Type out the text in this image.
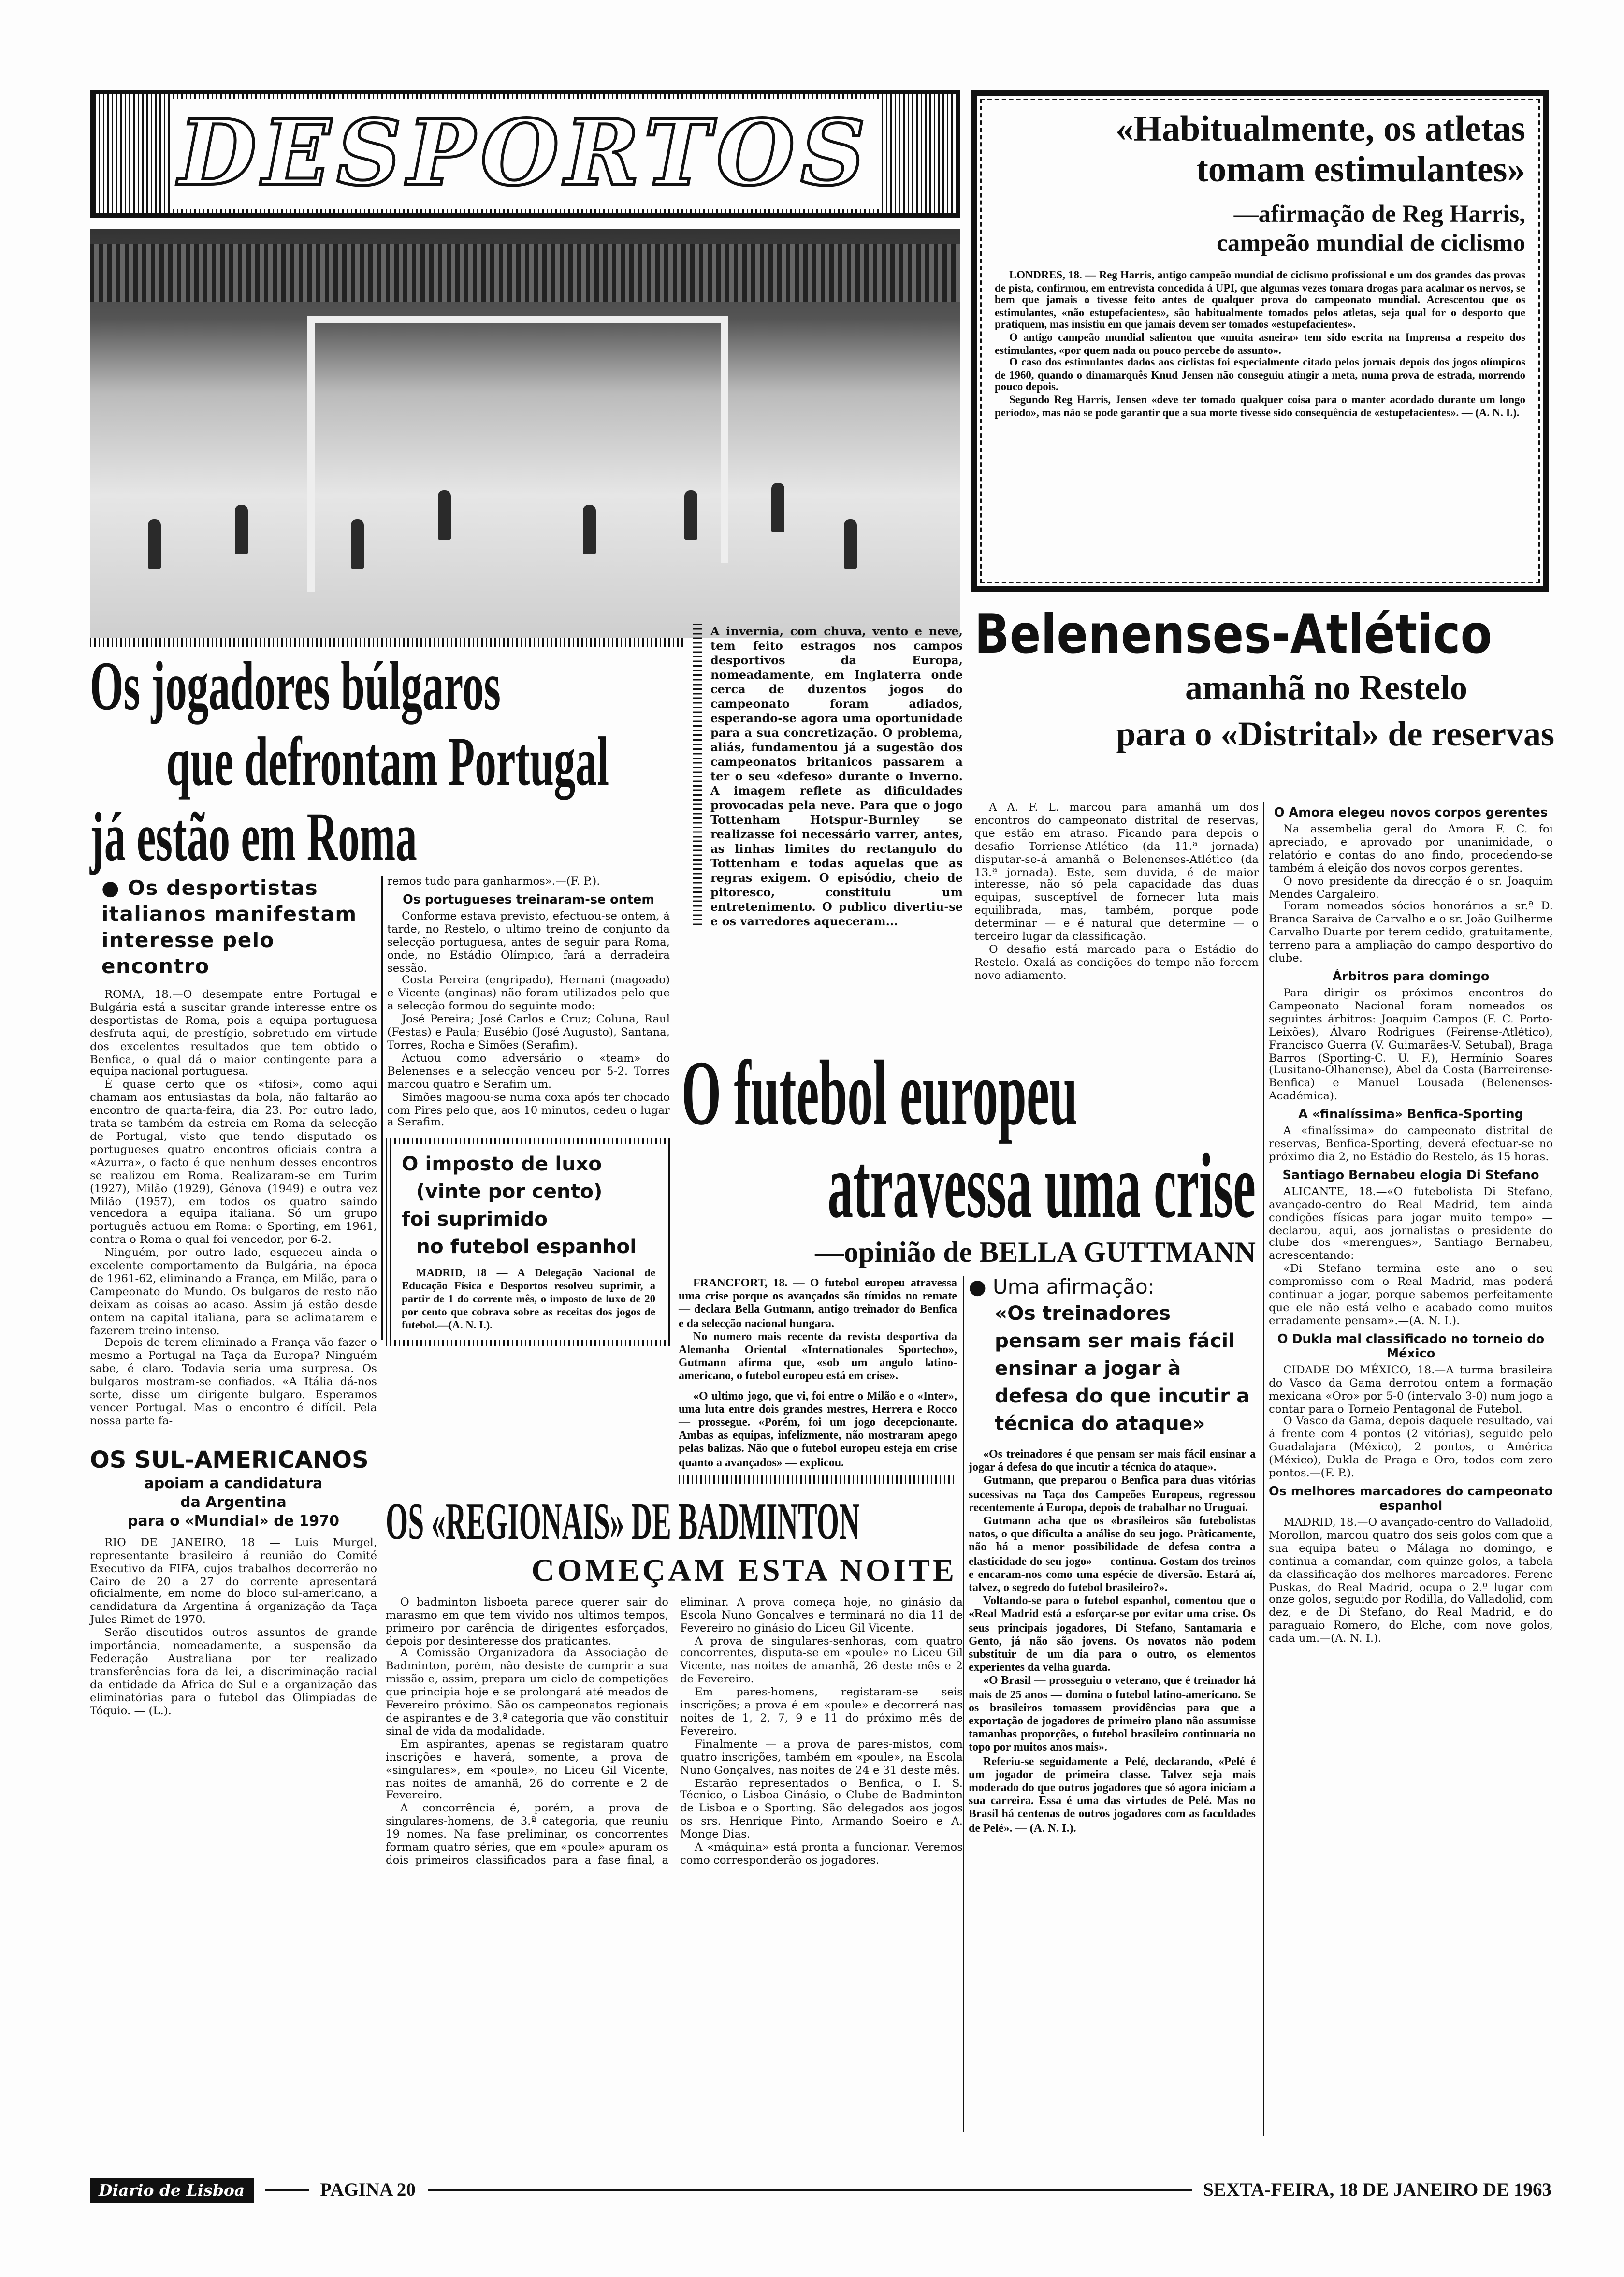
DESPORTOS	«Habitualmente, os atletas
tomam estimulantes»
—afirmação de Reg Harris,
campeão mundial de ciclismo

LONDRES, 18. — Reg Harris, antigo campeão mundial de ciclismo profissional e um dos grandes das provas de pista, confirmou, em entrevista concedida á UPI, que algumas vezes tomara drogas para acalmar os nervos, se bem que jamais o tivesse feito antes de qualquer prova do campeonato mundial. Acrescentou que os estimulantes, «não estupefacientes», são habitualmente tomados pelos atletas, seja qual for o desporto que pratiquem, mas insistiu em que jamais devem ser tomados «estupefacientes».

O antigo campeão mundial salientou que «muita asneira» tem sido escrita na Imprensa a respeito dos estimulantes, «por quem nada ou pouco percebe do assunto».

O caso dos estimulantes dados aos ciclistas foi especialmente citado pelos jornais depois dos jogos olímpicos de 1960, quando o dinamarquês Knud Jensen não conseguiu atingir a meta, numa prova de estrada, morrendo pouco depois.

Segundo Reg Harris, Jensen «deve ter tomado qualquer coisa para o manter acordado durante um longo período», mas não se pode garantir que a sua morte tivesse sido consequência de «estupefacientes». — (A. N. I.).

A invernia, com chuva, vento e neve, tem feito estragos nos campos desportivos da Europa, nomeadamente, em Inglaterra onde cerca de duzentos jogos do campeonato foram adiados, esperando-se agora uma oportunidade para a sua concretização. O problema, aliás, fundamentou já a sugestão dos campeonatos britanicos passarem a ter o seu «defeso» durante o Inverno. A imagem reflete as dificuldades provocadas pela neve. Para que o jogo Tottenham Hotspur-Burnley se realizasse foi necessário varrer, antes, as linhas limites do rectangulo do Tottenham e todas aquelas que as regras exigem. O episódio, cheio de pitoresco, constituiu um entretenimento. O publico divertiu-se e os varredores aqueceram...
Os jogadores búlgaros
que defrontam Portugal
já estão em Roma
● Os desportistas italianos manifestam interesse pelo encontro

ROMA, 18.—O desempate entre Portugal e Bulgária está a suscitar grande interesse entre os desportistas de Roma, pois a equipa portuguesa desfruta aqui, de prestígio, sobretudo em virtude dos excelentes resultados que tem obtido o Benfica, o qual dá o maior contingente para a equipa nacional portuguesa.

É quase certo que os «tifosi», como aqui chamam aos entusiastas da bola, não faltarão ao encontro de quarta-feira, dia 23. Por outro lado, trata-se também da estreia em Roma da selecção de Portugal, visto que tendo disputado os portugueses quatro encontros oficiais contra a «Azurra», o facto é que nenhum desses encontros se realizou em Roma. Realizaram-se em Turim (1927), Milão (1929), Génova (1949) e outra vez Milão (1957), em todos os quatro saindo vencedora a equipa italiana. Só um grupo português actuou em Roma: o Sporting, em 1961, contra o Roma o qual foi vencedor, por 6-2.

Ninguém, por outro lado, esqueceu ainda o excelente comportamento da Bulgária, na época de 1961-62, eliminando a França, em Milão, para o Campeonato do Mundo. Os bulgaros de resto não deixam as coisas ao acaso. Assim já estão desde ontem na capital italiana, para se aclimatarem e fazerem treino intenso.

Depois de terem eliminado a França vão fazer o mesmo a Portugal na Taça da Europa? Ninguém sabe, é claro. Todavia seria uma surpresa. Os bulgaros mostram-se confiados. «A Itália dá-nos sorte, disse um dirigente bulgaro. Esperamos vencer Portugal. Mas o encontro é difícil. Pela nossa parte fa-

OS SUL-AMERICANOS
apoiam a candidatura
da Argentina
para o «Mundial» de 1970

RIO DE JANEIRO, 18 — Luis Murgel, representante brasileiro á reunião do Comité Executivo da FIFA, cujos trabalhos decorrerão no Cairo de 20 a 27 do corrente apresentará oficialmente, em nome do bloco sul-americano, a candidatura da Argentina á organização da Taça Jules Rimet de 1970.

Serão discutidos outros assuntos de grande importância, nomeadamente, a suspensão da Federação Australiana por ter realizado transferências fora da lei, a discriminação racial da entidade da Africa do Sul e a organização das eliminatórias para o futebol das Olimpíadas de Tóquio. — (L.).

O futebol europeu
atravessa uma crise
—opinião de BELLA GUTTMANN

remos tudo para ganharmos».—(F. P.).

Os portugueses treinaram-se ontem

Conforme estava previsto, efectuou-se ontem, á tarde, no Restelo, o ultimo treino de conjunto da selecção portuguesa, antes de seguir para Roma, onde, no Estádio Olímpico, fará a derradeira sessão.

Costa Pereira (engripado), Hernani (magoado) e Vicente (anginas) não foram utilizados pelo que a selecção formou do seguinte modo:

José Pereira; José Carlos e Cruz; Coluna, Raul (Festas) e Paula; Eusébio (José Augusto), Santana, Torres, Rocha e Simões (Serafim).

Actuou como adversário o «team» do Belenenses e a selecção venceu por 5-2. Torres marcou quatro e Serafim um.

Simões magoou-se numa coxa após ter chocado com Pires pelo que, aos 10 minutos, cedeu o lugar a Serafim.

O imposto de luxo
(vinte por cento)
foi suprimido
no futebol espanhol
MADRID, 18 — A Delegação Nacional de Educação Física e Desportos resolveu suprimir, a partir de 1 do corrente mês, o imposto de luxo de 20 por cento que cobrava sobre as receitas dos jogos de futebol.—(A. N. I.).

FRANCFORT, 18. — O futebol europeu atravessa uma crise porque os avançados são tímidos no remate — declara Bella Gutmann, antigo treinador do Benfica e da selecção nacional hungara.

No numero mais recente da revista desportiva da Alemanha Oriental «Internationales Sportecho», Gutmann afirma que, «sob um angulo latino-americano, o futebol europeu está em crise».

«O ultimo jogo, que vi, foi entre o Milão e o «Inter», uma luta entre dois grandes mestres, Herrera e Rocco — prossegue. «Porém, foi um jogo decepcionante. Ambas as equipas, infelizmente, não mostraram apego pelas balizas. Não que o futebol europeu esteja em crise quanto a avançados» — explicou.

OS «REGIONAIS» DE BADMINTON
COMEÇAM ESTA NOITE

O badminton lisboeta parece querer sair do marasmo em que tem vivido nos ultimos tempos, primeiro por carência de dirigentes esforçados, depois por desinteresse dos praticantes.

A Comissão Organizadora da Associação de Badminton, porém, não desiste de cumprir a sua missão e, assim, prepara um ciclo de competições que principia hoje e se prolongará até meados de Fevereiro próximo. São os campeonatos regionais de aspirantes e de 3.ª categoria que vão constituir sinal de vida da modalidade.

Em aspirantes, apenas se registaram quatro inscrições e haverá, somente, a prova de «singulares», em «poule», no Liceu Gil Vicente, nas noites de amanhã, 26 do corrente e 2 de Fevereiro.

A concorrência é, porém, a prova de singulares-homens, de 3.ª categoria, que reuniu 19 nomes. Na fase preliminar, os concorrentes formam quatro séries, que em «poule» apuram os dois primeiros classificados para a fase final, a eliminar. A prova começa hoje, no ginásio da Escola Nuno Gonçalves e terminará no dia 11 de Fevereiro no ginásio do Liceu Gil Vicente.

A prova de singulares-senhoras, com quatro concorrentes, disputa-se em «poule» no Liceu Gil Vicente, nas noites de amanhã, 26 deste mês e 2 de Fevereiro.

Em pares-homens, registaram-se seis inscrições; a prova é em «poule» e decorrerá nas noites de 1, 2, 7, 9 e 11 do próximo mês de Fevereiro.

Finalmente — a prova de pares-mistos, com quatro inscrições, também em «poule», na Escola Nuno Gonçalves, nas noites de 24 e 31 deste mês.

Estarão representados o Benfica, o I. S. Técnico, o Lisboa Ginásio, o Clube de Badminton de Lisboa e o Sporting. São delegados aos jogos os srs. Henrique Pinto, Armando Soeiro e A. Monge Dias.

A «máquina» está pronta a funcionar. Veremos como corresponderão os jogadores.

● Uma afirmação:
«Os treinadores pensam ser mais fácil ensinar a jogar à defesa do que incutir a técnica do ataque»

«Os treinadores é que pensam ser mais fácil ensinar a jogar á defesa do que incutir a técnica do ataque».

Gutmann, que preparou o Benfica para duas vitórias sucessivas na Taça dos Campeões Europeus, regressou recentemente á Europa, depois de trabalhar no Uruguai.

Gutmann acha que os «brasileiros são futebolistas natos, o que dificulta a análise do seu jogo. Pràticamente, não há a menor possibilidade de defesa contra a elasticidade do seu jogo» — continua. Gostam dos treinos e encaram-nos como uma espécie de diversão. Estará aí, talvez, o segredo do futebol brasileiro?».

Voltando-se para o futebol espanhol, comentou que o «Real Madrid está a esforçar-se por evitar uma crise. Os seus principais jogadores, Di Stefano, Santamaria e Gento, já não são jovens. Os novatos não podem substituir de um dia para o outro, os elementos experientes da velha guarda.

«O Brasil — prosseguiu o veterano, que é treinador há mais de 25 anos — domina o futebol latino-americano. Se os brasileiros tomassem providências para que a exportação de jogadores de primeiro plano não assumisse tamanhas proporções, o futebol brasileiro continuaria no topo por muitos anos mais».

Referiu-se seguidamente a Pelé, declarando, «Pelé é um jogador de primeira classe. Talvez seja mais moderado do que outros jogadores que só agora iniciam a sua carreira. Essa é uma das virtudes de Pelé. Mas no Brasil há centenas de outros jogadores com as faculdades de Pelé». — (A. N. I.).

Belenenses-Atlético
amanhã no Restelo
para o «Distrital» de reservas

A A. F. L. marcou para amanhã um dos encontros do campeonato distrital de reservas, que estão em atraso. Ficando para depois o desafio Torriense-Atlético (da 11.ª jornada) disputar-se-á amanhã o Belenenses-Atlético (da 13.ª jornada). Este, sem duvida, é de maior interesse, não só pela capacidade das duas equipas, susceptível de fornecer luta mais equilibrada, mas, também, porque pode determinar — e é natural que determine — o terceiro lugar da classificação.

O desafio está marcado para o Estádio do Restelo. Oxalá as condições do tempo não forcem novo adiamento.

O Amora elegeu novos corpos gerentes

Na assembelia geral do Amora F. C. foi apreciado, e aprovado por unanimidade, o relatório e contas do ano findo, procedendo-se também á eleição dos novos corpos gerentes.

O novo presidente da direcção é o sr. Joaquim Mendes Cargaleiro.

Foram nomeados sócios honorários a sr.ª D. Branca Saraiva de Carvalho e o sr. João Guilherme Carvalho Duarte por terem cedido, gratuitamente, terreno para a ampliação do campo desportivo do clube.

Árbitros para domingo

Para dirigir os próximos encontros do Campeonato Nacional foram nomeados os seguintes árbitros: Joaquim Campos (F. C. Porto-Leixões), Álvaro Rodrigues (Feirense-Atlético), Francisco Guerra (V. Guimarães-V. Setubal), Braga Barros (Sporting-C. U. F.), Hermínio Soares (Lusitano-Olhanense), Abel da Costa (Barreirense-Benfica) e Manuel Lousada (Belenenses-Académica).

A «finalíssima» Benfica-Sporting

A «finalíssima» do campeonato distrital de reservas, Benfica-Sporting, deverá efectuar-se no próximo dia 2, no Estádio do Restelo, ás 15 horas.

Santiago Bernabeu elogia Di Stefano

ALICANTE, 18.—«O futebolista Di Stefano, avançado-centro do Real Madrid, tem ainda condições físicas para jogar muito tempo» — declarou, aqui, aos jornalistas o presidente do clube dos «merengues», Santiago Bernabeu, acrescentando:

«Di Stefano termina este ano o seu compromisso com o Real Madrid, mas poderá continuar a jogar, porque sabemos perfeitamente que ele não está velho e acabado como muitos erradamente pensam».—(A. N. I.).

O Dukla mal classificado no torneio do México

CIDADE DO MÉXICO, 18.—A turma brasileira do Vasco da Gama derrotou ontem a formação mexicana «Oro» por 5-0 (intervalo 3-0) num jogo a contar para o Torneio Pentagonal de Futebol.

O Vasco da Gama, depois daquele resultado, vai á frente com 4 pontos (2 vitórias), seguido pelo Guadalajara (México), 2 pontos, o América (México), Dukla de Praga e Oro, todos com zero pontos.—(F. P.).

Os melhores marcadores do campeonato espanhol

MADRID, 18.—O avançado-centro do Valladolid, Morollon, marcou quatro dos seis golos com que a sua equipa bateu o Málaga no domingo, e continua a comandar, com quinze golos, a tabela da classificação dos melhores marcadores. Ferenc Puskas, do Real Madrid, ocupa o 2.º lugar com onze golos, seguido por Rodilla, do Valladolid, com dez, e de Di Stefano, do Real Madrid, e do paraguaio Romero, do Elche, com nove golos, cada um.—(A. N. I.).

Diario de Lisboa	PAGINA 20	SEXTA-FEIRA, 18 DE JANEIRO DE 1963
